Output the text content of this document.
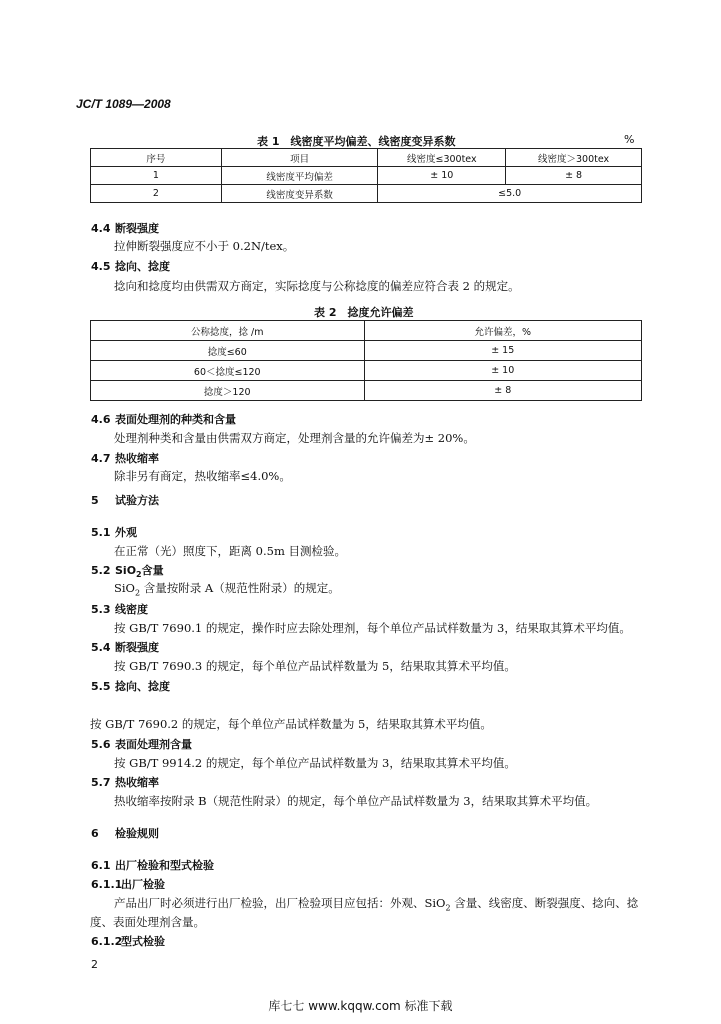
JC/T 1089—2008
表 1　线密度平均偏差、线密度变异系数	%
序号	项目	线密度≤300tex	线密度＞300tex
1	线密度平均偏差	± 10	± 8
2	线密度变异系数	≤5.0	
4.4 断裂强度
拉伸断裂强度应不小于 0.2N/tex。
4.5 捻向、捻度
捻向和捻度均由供需双方商定，实际捻度与公称捻度的偏差应符合表 2 的规定。
表 2　捻度允许偏差
公称捻度，捻 /m	允许偏差，%
捻度≤60	± 15
60＜捻度≤120	± 10
捻度＞120	± 8
4.6 表面处理剂的种类和含量
处理剂种类和含量由供需双方商定，处理剂含量的允许偏差为± 20%。
4.7 热收缩率
除非另有商定，热收缩率≤4.0%。
5 试验方法
5.1 外观
在正常（光）照度下，距离 0.5m 目测检验。
5.2 SiO$_2$含量
SiO$_2$ 含量按附录 A（规范性附录）的规定。
5.3 线密度
按 GB/T 7690.1 的规定，操作时应去除处理剂，每个单位产品试样数量为 3，结果取其算术平均值。
5.4 断裂强度
按 GB/T 7690.3 的规定，每个单位产品试样数量为 5，结果取其算术平均值。
5.5 捻向、捻度
按 GB/T 7690.2 的规定，每个单位产品试样数量为 5，结果取其算术平均值。
5.6 表面处理剂含量
按 GB/T 9914.2 的规定，每个单位产品试样数量为 3，结果取其算术平均值。
5.7 热收缩率
热收缩率按附录 B（规范性附录）的规定，每个单位产品试样数量为 3，结果取其算术平均值。
6 检验规则
6.1 出厂检验和型式检验
6.1.1出厂检验
产品出厂时必须进行出厂检验，出厂检验项目应包括：外观、SiO$_2$ 含量、线密度、断裂强度、捻向、捻
度、表面处理剂含量。
6.1.2型式检验
2
库七七 www.kqqw.com 标准下载
